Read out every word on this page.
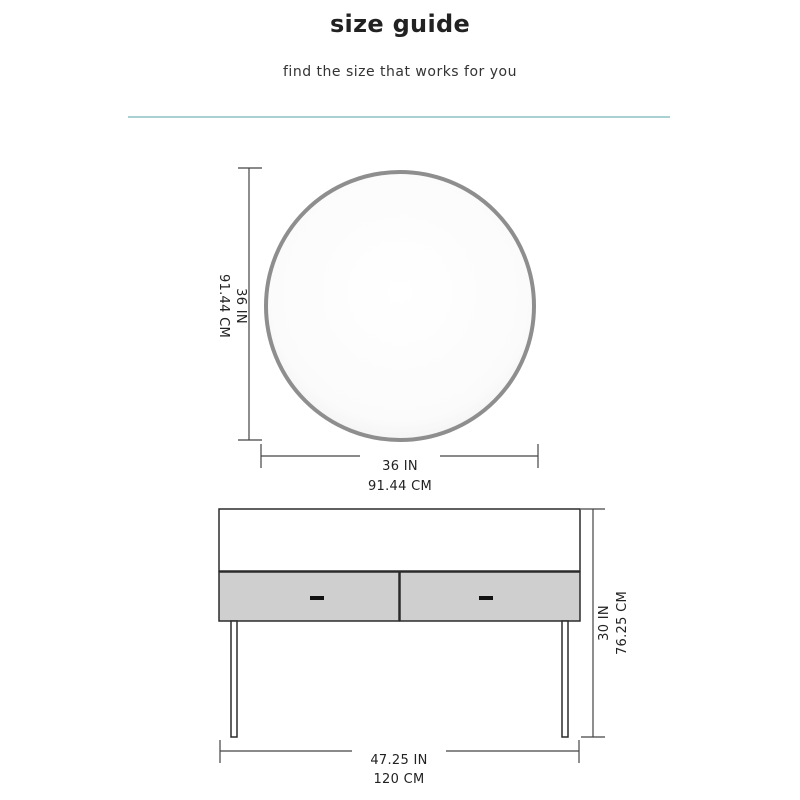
size guide
find the size that works for you
36 IN
91.44 CM
36 IN
91.44 CM
30 IN 76.25 CM
47.25 IN
120 CM
